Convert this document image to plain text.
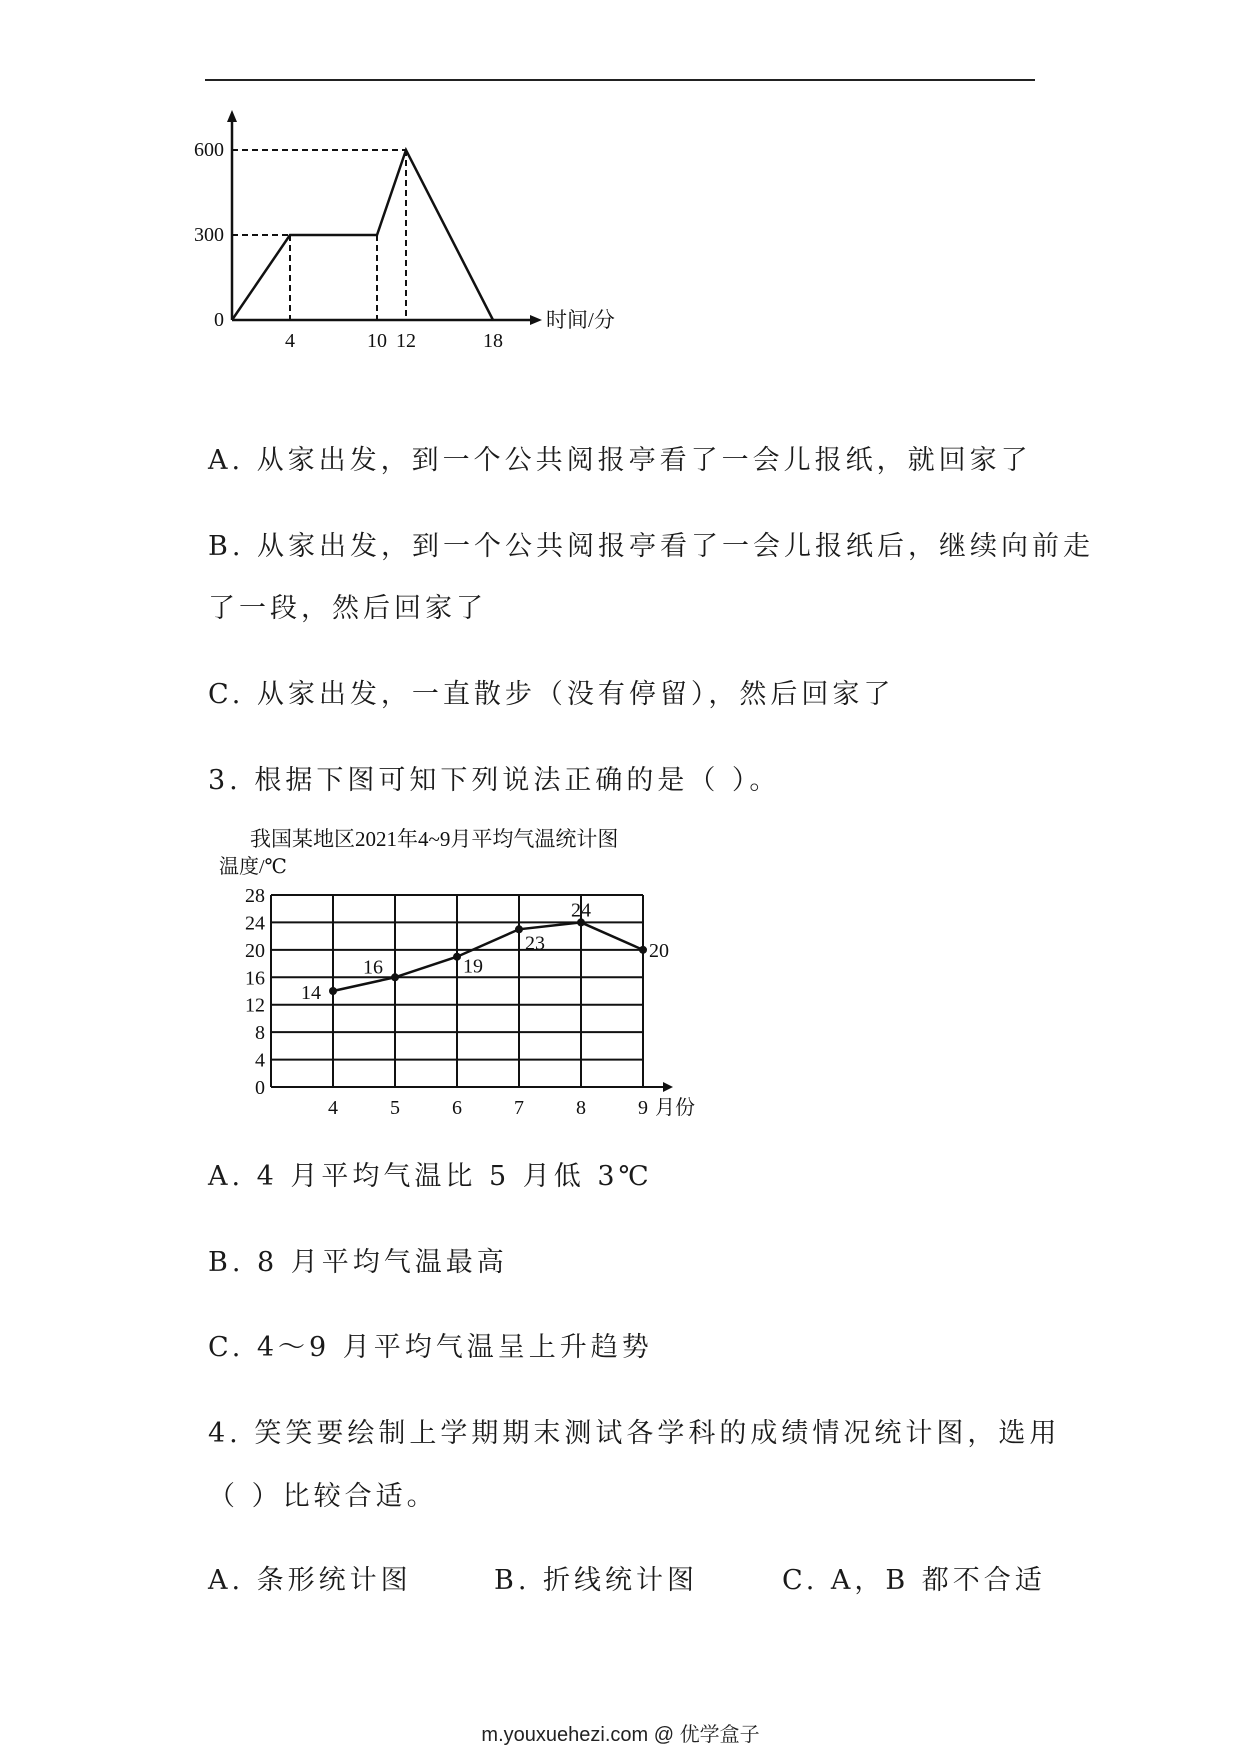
0
300
600
4	10 12	18
时间/分
A. 从家出发，到一个公共阅报亭看了一会儿报纸，就回家了
B. 从家出发，到一个公共阅报亭看了一会儿报纸后，继续向前走
了一段，然后回家了
C. 从家出发，一直散步（没有停留），然后回家了
3. 根据下图可知下列说法正确的是（ ）。
我国某地区2021年4~9月平均气温统计图
温度/℃
0
4
8
12
16
20
24
28
14
16	19
23
24
20
4	5	6	7	8	9 月份
A. 4 月平均气温比 5 月低 3℃
B. 8 月平均气温最高
C. 4～9 月平均气温呈上升趋势
4. 笑笑要绘制上学期期末测试各学科的成绩情况统计图，选用
（ ）比较合适。
A. 条形统计图	B. 折线统计图	C. A，B 都不合适
m.youxuehezi.com @ 优学盒子
